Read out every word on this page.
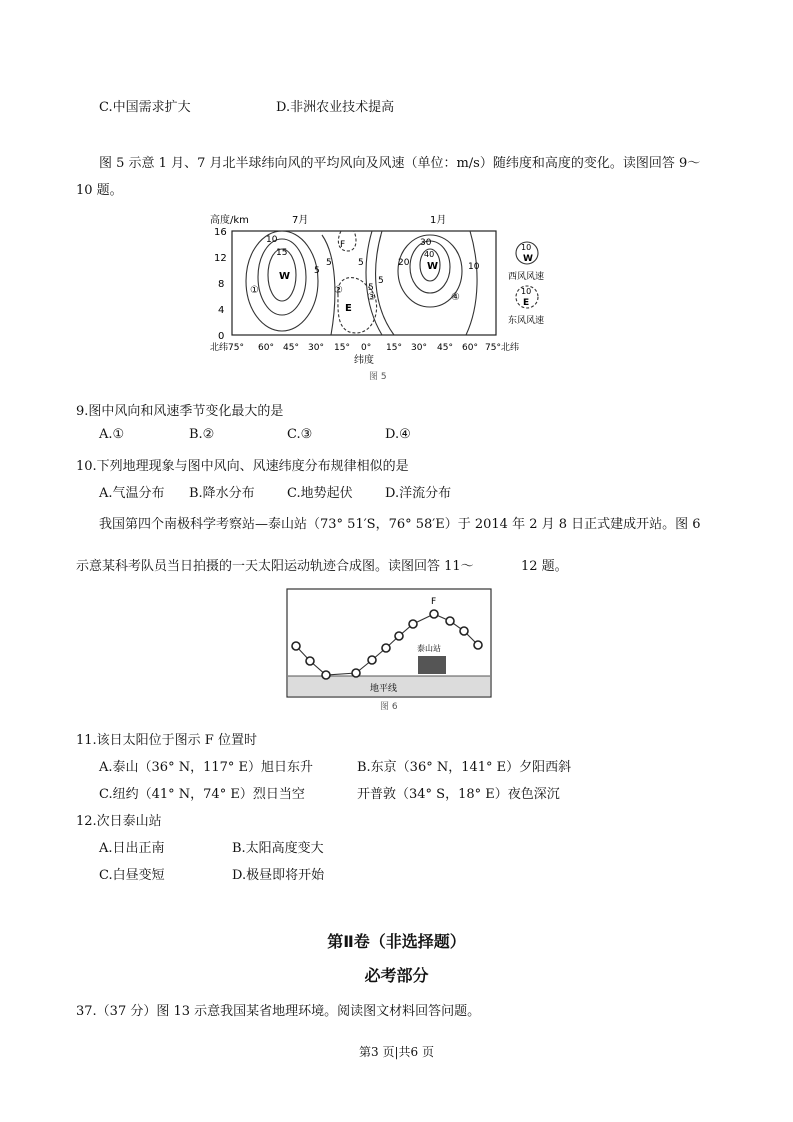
C.中国需求扩大	D.非洲农业技术提高
图 5 示意 1 月、7 月北半球纬向风的平均风向及风速（单位：m/s）随纬度和高度的变化。读图回答 9～
10 题。
高度/km	7月	1月
16
12
8
4
0
北纬75° 60° 45° 30° 15° 0° 15° 30° 45° 60° 75°北纬
纬度
图 5
W
10
15
5
E
F
5	5
5
W
30
20
40
5
10
①	②
③	④
10
W
西风风速
10
E
东风风速
9.图中风向和风速季节变化最大的是
A.①	B.②	C.③	D.④
10.下列地理现象与图中风向、风速纬度分布规律相似的是
A.气温分布 B.降水分布 C.地势起伏 D.洋流分布
我国第四个南极科学考察站—泰山站（73° 51′S，76° 58′E）于 2014 年 2 月 8 日正式建成开站。图 6
示意某科考队员当日拍摄的一天太阳运动轨迹合成图。读图回答 11～	12 题。
F
泰山站
地平线
图 6
11.该日太阳位于图示 F 位置时
A.泰山（36° N，117° E）旭日东升	B.东京（36° N，141° E）夕阳西斜
C.纽约（41° N，74° E）烈日当空	开普敦（34° S，18° E）夜色深沉
12.次日泰山站
A.日出正南	B.太阳高度变大
C.白昼变短	D.极昼即将开始
第Ⅱ卷（非选择题）
必考部分
37.（37 分）图 13 示意我国某省地理环境。阅读图文材料回答问题。
第3 页|共6 页
